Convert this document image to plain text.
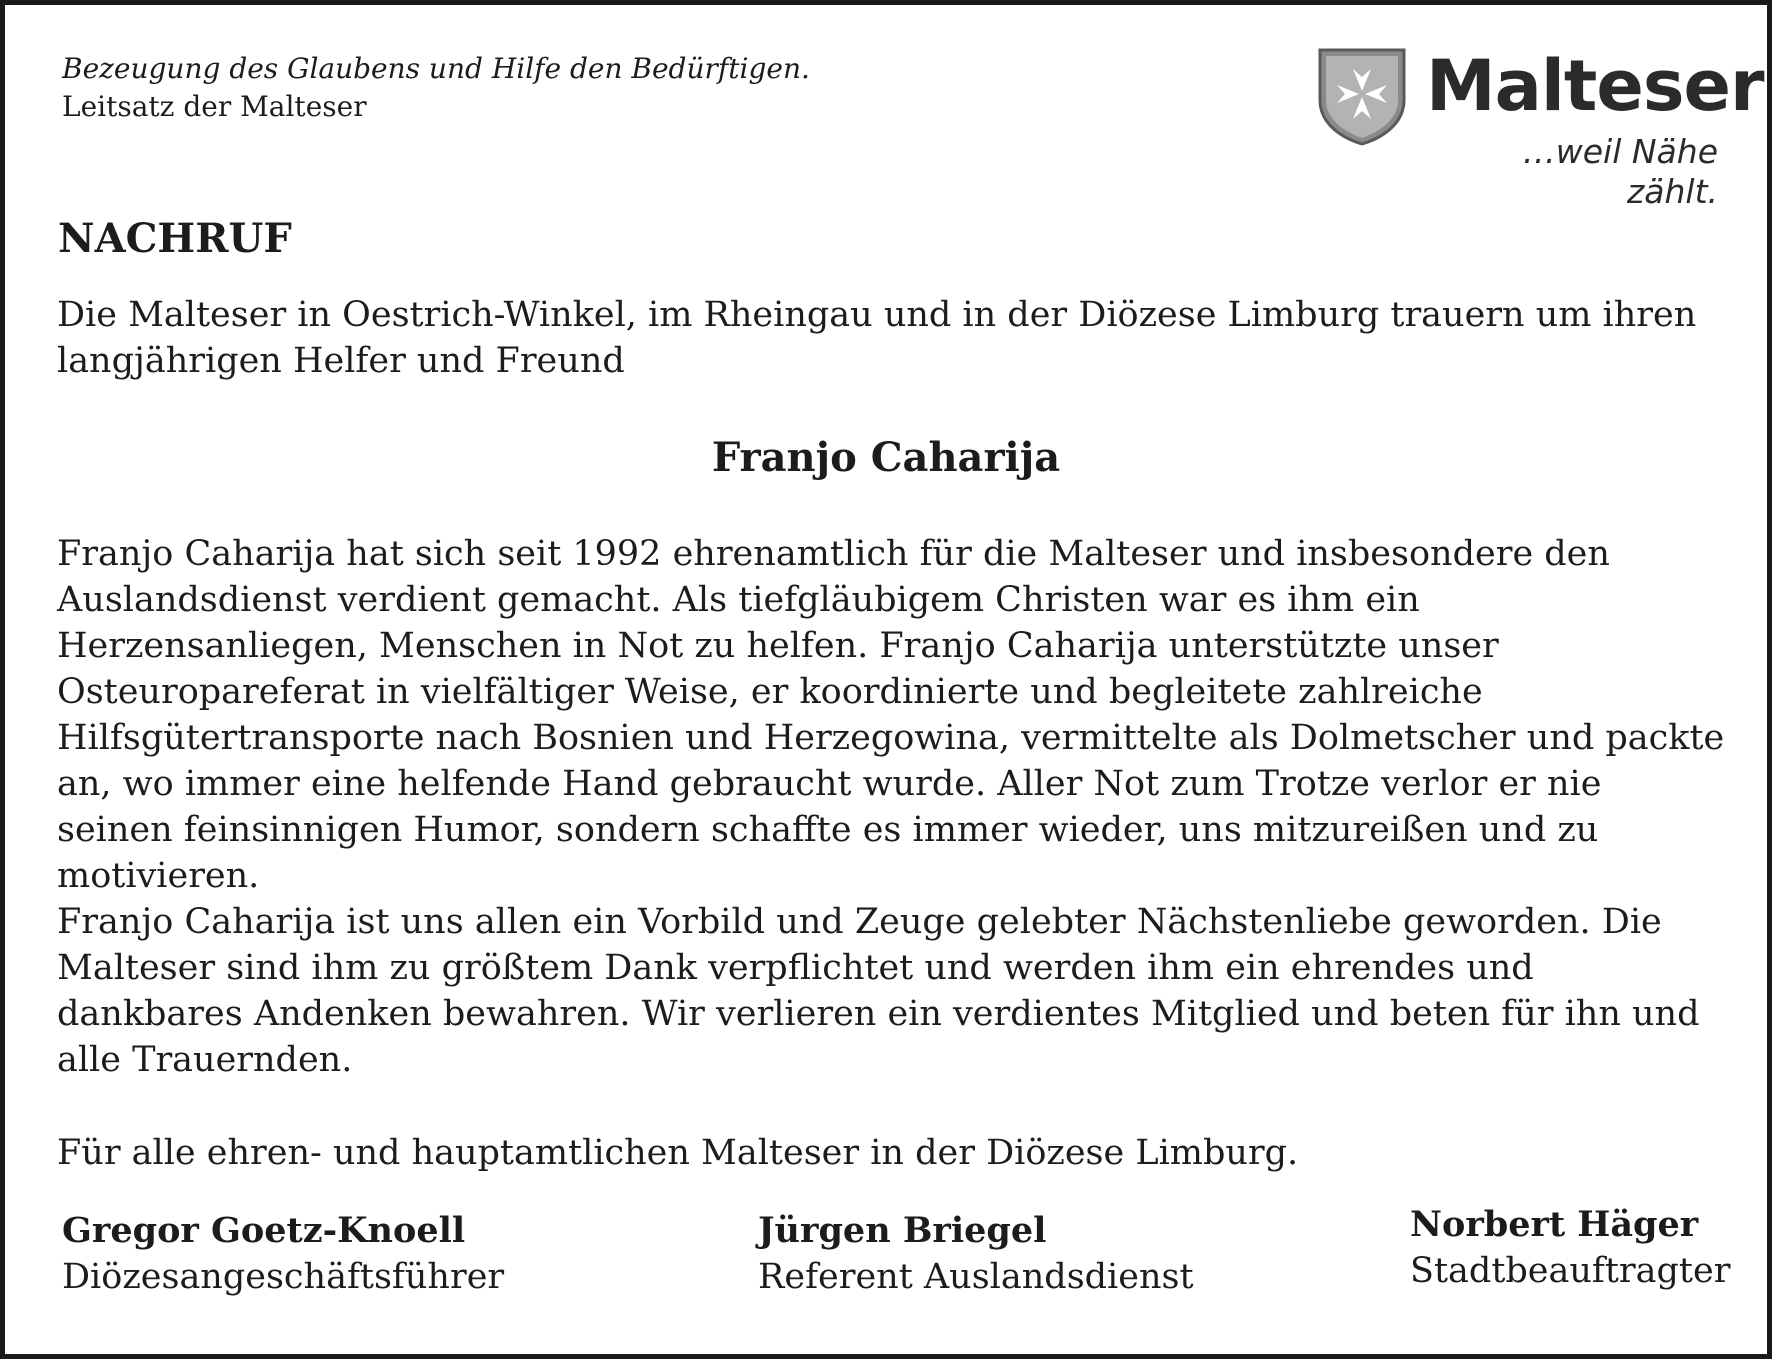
Bezeugung des Glaubens und Hilfe den Bedürftigen.
Leitsatz der Malteser	Malteser
…weil Nähe zählt.
NACHRUF
Die Malteser in Oestrich-Winkel, im Rheingau und in der Diözese Limburg trauern um ihren langjährigen Helfer und Freund
Franjo Caharija
Franjo Caharija hat sich seit 1992 ehrenamtlich für die Malteser und insbesondere den Auslandsdienst verdient gemacht. Als tiefgläubigem Christen war es ihm ein Herzensanliegen, Menschen in Not zu helfen. Franjo Caharija unterstützte unser Osteuropareferat in vielfältiger Weise, er koordinierte und begleitete zahlreiche Hilfsgütertransporte nach Bosnien und Herzegowina, vermittelte als Dolmetscher und packte an, wo immer eine helfende Hand gebraucht wurde. Aller Not zum Trotze verlor er nie seinen feinsinnigen Humor, sondern schaffte es immer wieder, uns mitzureißen und zu motivieren.
Franjo Caharija ist uns allen ein Vorbild und Zeuge gelebter Nächstenliebe geworden. Die Malteser sind ihm zu größtem Dank verpflichtet und werden ihm ein ehrendes und dankbares Andenken bewahren. Wir verlieren ein verdientes Mitglied und beten für ihn und alle Trauernden.
Für alle ehren- und hauptamtlichen Malteser in der Diözese Limburg.
Gregor Goetz-Knoell
Diözesangeschäftsführer
Jürgen Briegel
Referent Auslandsdienst
Norbert Häger
Stadtbeauftragter
